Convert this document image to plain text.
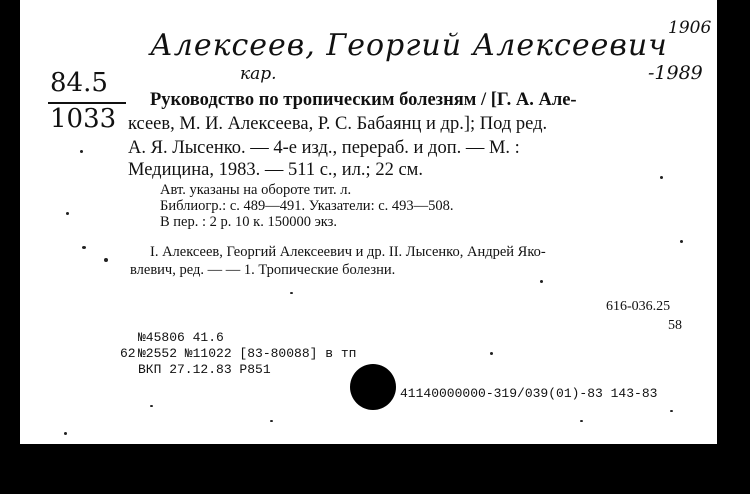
Алексеев, Георгий Алексеевич 1906
-1989
кар.
84.5
1033
Руководство по тропическим болезням / [Г. А. Але-
ксеев, М. И. Алексеева, Р. С. Бабаянц и др.]; Под ред.
А. Я. Лысенко. — 4-е изд., перераб. и доп. — М. :
Медицина, 1983. — 511 с., ил.; 22 см.
Авт. указаны на обороте тит. л.
Библиогр.: с. 489—491. Указатели: с. 493—508.
В пер. : 2 р. 10 к. 150000 экз.
I. Алексеев, Георгий Алексеевич и др. II. Лысенко, Андрей Яко-
влевич, ред. — — 1. Тропические болезни.
616-036.25
58
№45806 41.6
62 №2552 №11022 [83-80088] в тп
ВКП 27.12.83 Р851
41140000000-319/039(01)-83 143-83
